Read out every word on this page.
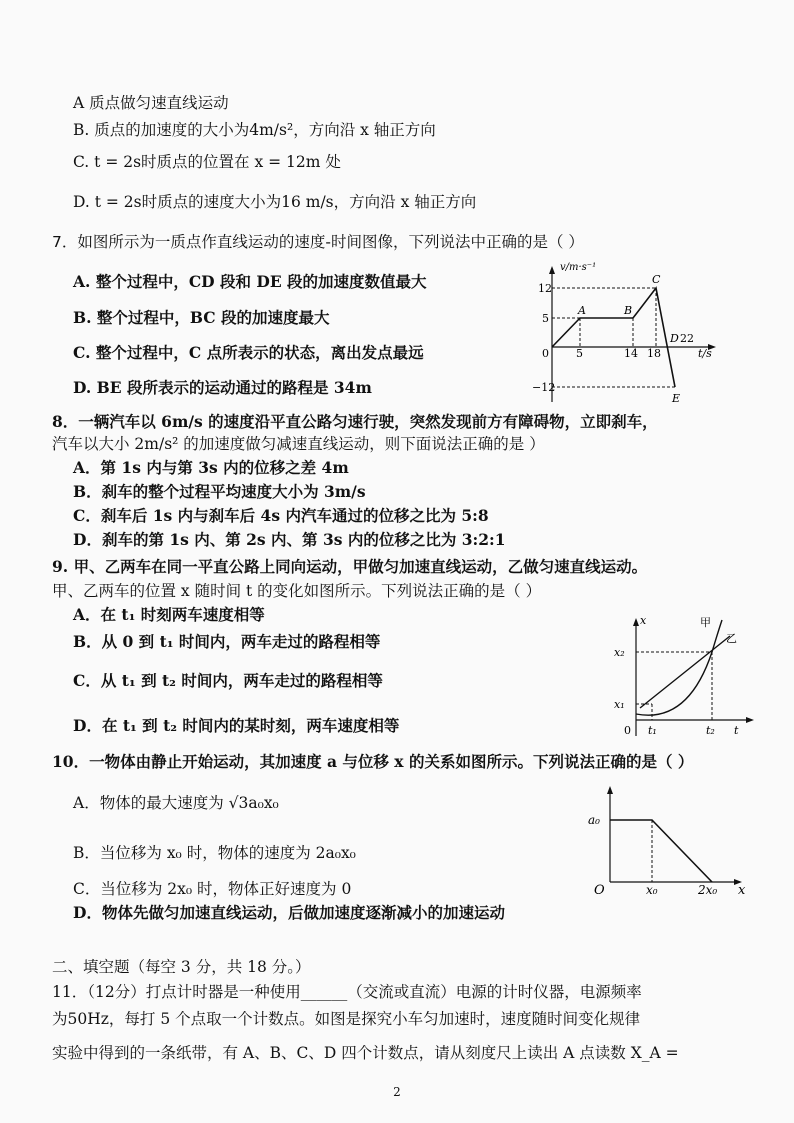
A 质点做匀速直线运动
B. 质点的加速度的大小为4m/s²，方向沿 x 轴正方向
C. t = 2s时质点的位置在 x = 12m 处
D. t = 2s时质点的速度大小为16 m/s，方向沿 x 轴正方向
7．如图所示为一质点作直线运动的速度-时间图像，下列说法中正确的是（ ）
A. 整个过程中，CD 段和 DE 段的加速度数值最大
B. 整个过程中，BC 段的加速度最大
C. 整个过程中，C 点所表示的状态，离出发点最远
D. BE 段所表示的运动通过的路程是 34m
v/m·s⁻¹
12
5
0
−12
5	14 18
22
t/s
A	B
C
D
E
8．一辆汽车以 6m/s 的速度沿平直公路匀速行驶，突然发现前方有障碍物，立即刹车，
汽车以大小 2m/s² 的加速度做匀减速直线运动，则下面说法正确的是 ）
A．第 1s 内与第 3s 内的位移之差 4m
B．刹车的整个过程平均速度大小为 3m/s
C．刹车后 1s 内与刹车后 4s 内汽车通过的位移之比为 5:8
D．刹车的第 1s 内、第 2s 内、第 3s 内的位移之比为 3:2:1
9. 甲、乙两车在同一平直公路上同向运动，甲做匀加速直线运动，乙做匀速直线运动。
甲、乙两车的位置 x 随时间 t 的变化如图所示。下列说法正确的是（ ）
A．在 t₁ 时刻两车速度相等
B．从 0 到 t₁ 时间内，两车走过的路程相等
C．从 t₁ 到 t₂ 时间内，两车走过的路程相等
D．在 t₁ 到 t₂ 时间内的某时刻，两车速度相等
x
x₂
x₁
0 t₁	t₂ t
甲
乙
10．一物体由静止开始运动，其加速度 a 与位移 x 的关系如图所示。下列说法正确的是（ ）
A．物体的最大速度为 √3a₀x₀
B．当位移为 x₀ 时，物体的速度为 2a₀x₀
C．当位移为 2x₀ 时，物体正好速度为 0
D．物体先做匀加速直线运动，后做加速度逐渐减小的加速运动
a₀
O	x₀	2x₀ x
二、填空题（每空 3 分，共 18 分。）
11．（12分）打点计时器是一种使用______（交流或直流）电源的计时仪器，电源频率
为50Hz，每打 5 个点取一个计数点。如图是探究小车匀加速时，速度随时间变化规律
实验中得到的一条纸带，有 A、B、C、D 四个计数点，请从刻度尺上读出 A 点读数 X_A =
2
